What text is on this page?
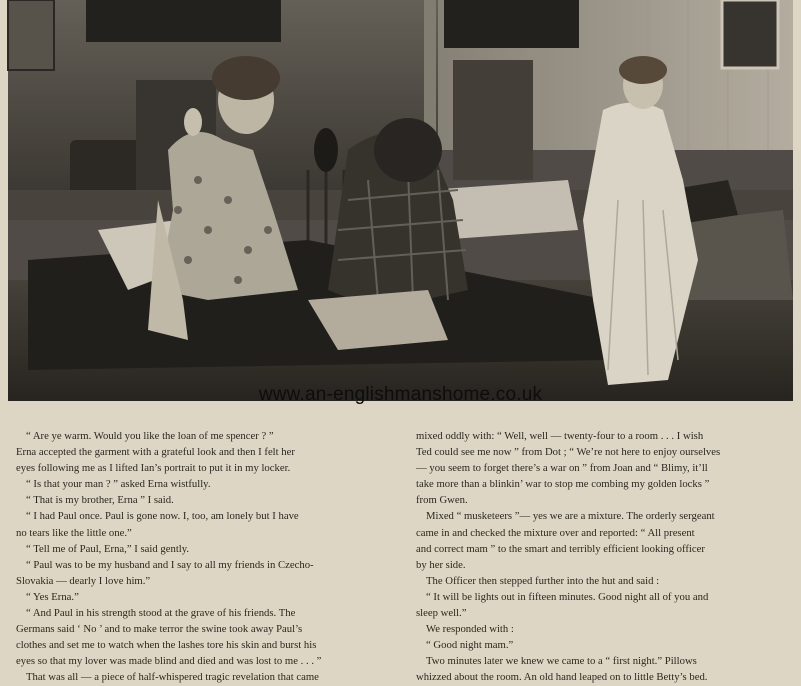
www.an-englishmanshome.co.uk

“ Are ye warm. Would you like the loan of me spencer ? ”

Erna accepted the garment with a grateful look and then I felt her

eyes following me as I lifted Ian’s portrait to put it in my locker.

“ Is that your man ? ” asked Erna wistfully.

“ That is my brother, Erna ” I said.

“ I had Paul once. Paul is gone now. I, too, am lonely but I have

no tears like the little one.”

“ Tell me of Paul, Erna,” I said gently.

“ Paul was to be my husband and I say to all my friends in Czecho-

Slovakia — dearly I love him.”

“ Yes Erna.”

“ And Paul in his strength stood at the grave of his friends. The

Germans said ‘ No ’ and to make terror the swine took away Paul’s

clothes and set me to watch when the lashes tore his skin and burst his

eyes so that my lover was made blind and died and was lost to me . . . ”

That was all — a piece of half-whispered tragic revelation that came

mixed oddly with: “ Well, well — twenty-four to a room . . . I wish

Ted could see me now ” from Dot ; “ We’re not here to enjoy ourselves

— you seem to forget there’s a war on ” from Joan and “ Blimy, it’ll

take more than a blinkin’ war to stop me combing my golden locks ”

from Gwen.

Mixed “ musketeers ”— yes we are a mixture. The orderly sergeant

came in and checked the mixture over and reported: “ All present

and correct mam ” to the smart and terribly efficient looking officer

by her side.

The Officer then stepped further into the hut and said :

“ It will be lights out in fifteen minutes. Good night all of you and

sleep well.”

We responded with :

“ Good night mam.”

Two minutes later we knew we came to a “ first night.” Pillows

whizzed about the room. An old hand leaped on to little Betty’s bed.
